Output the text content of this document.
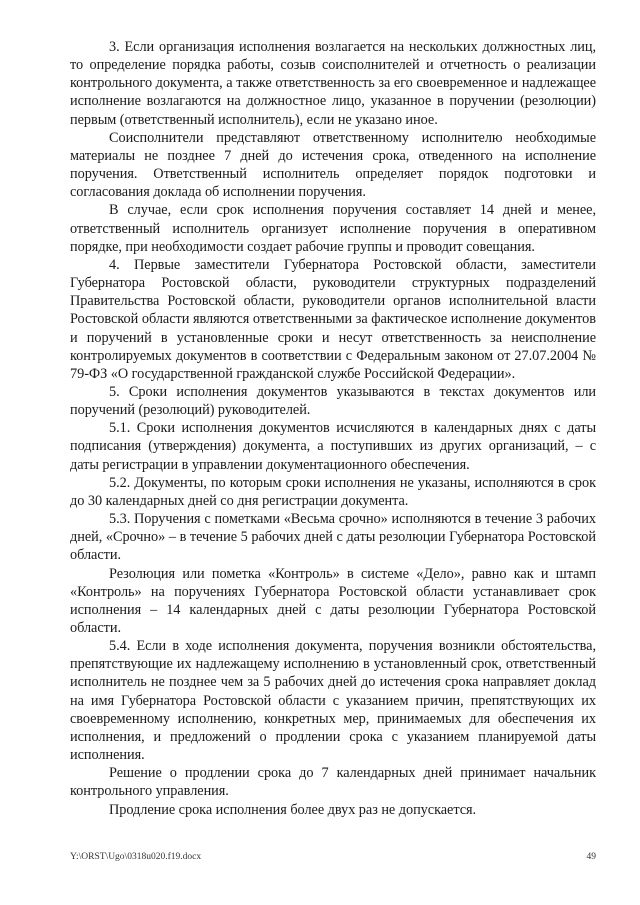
3. Если организация исполнения возлагается на нескольких должностных лиц, то определение порядка работы, созыв соисполнителей и отчетность о реализации контрольного документа, а также ответственность за его своевременное и надлежащее исполнение возлагаются на должностное лицо, указанное в поручении (резолюции) первым (ответственный исполнитель), если не указано иное.

Соисполнители представляют ответственному исполнителю необходимые материалы не позднее 7 дней до истечения срока, отведенного на исполнение поручения. Ответственный исполнитель определяет порядок подготовки и согласования доклада об исполнении поручения.

В случае, если срок исполнения поручения составляет 14 дней и менее, ответственный исполнитель организует исполнение поручения в оперативном порядке, при необходимости создает рабочие группы и проводит совещания.

4. Первые заместители Губернатора Ростовской области, заместители Губернатора Ростовской области, руководители структурных подразделений Правительства Ростовской области, руководители органов исполнительной власти Ростовской области являются ответственными за фактическое исполнение документов и поручений в установленные сроки и несут ответственность за неисполнение контролируемых документов в соответствии с Федеральным законом от 27.07.2004 № 79-ФЗ «О государственной гражданской службе Российской Федерации».

5. Сроки исполнения документов указываются в текстах документов или поручений (резолюций) руководителей.

5.1. Сроки исполнения документов исчисляются в календарных днях с даты подписания (утверждения) документа, а поступивших из других организаций, – с даты регистрации в управлении документационного обеспечения.

5.2. Документы, по которым сроки исполнения не указаны, исполняются в срок до 30 календарных дней со дня регистрации документа.

5.3. Поручения с пометками «Весьма срочно» исполняются в течение 3 рабочих дней, «Срочно» – в течение 5 рабочих дней с даты резолюции Губернатора Ростовской области.

Резолюция или пометка «Контроль» в системе «Дело», равно как и штамп «Контроль» на поручениях Губернатора Ростовской области устанавливает срок исполнения – 14 календарных дней с даты резолюции Губернатора Ростовской области.

5.4. Если в ходе исполнения документа, поручения возникли обстоятельства, препятствующие их надлежащему исполнению в установленный срок, ответственный исполнитель не позднее чем за 5 рабочих дней до истечения срока направляет доклад на имя Губернатора Ростовской области с указанием причин, препятствующих их своевременному исполнению, конкретных мер, принимаемых для обеспечения их исполнения, и предложений о продлении срока с указанием планируемой даты исполнения.

Решение о продлении срока до 7 календарных дней принимает начальник контрольного управления.

Продление срока исполнения более двух раз не допускается.

Y:\ORST\Ugo\0318u020.f19.docx	49
